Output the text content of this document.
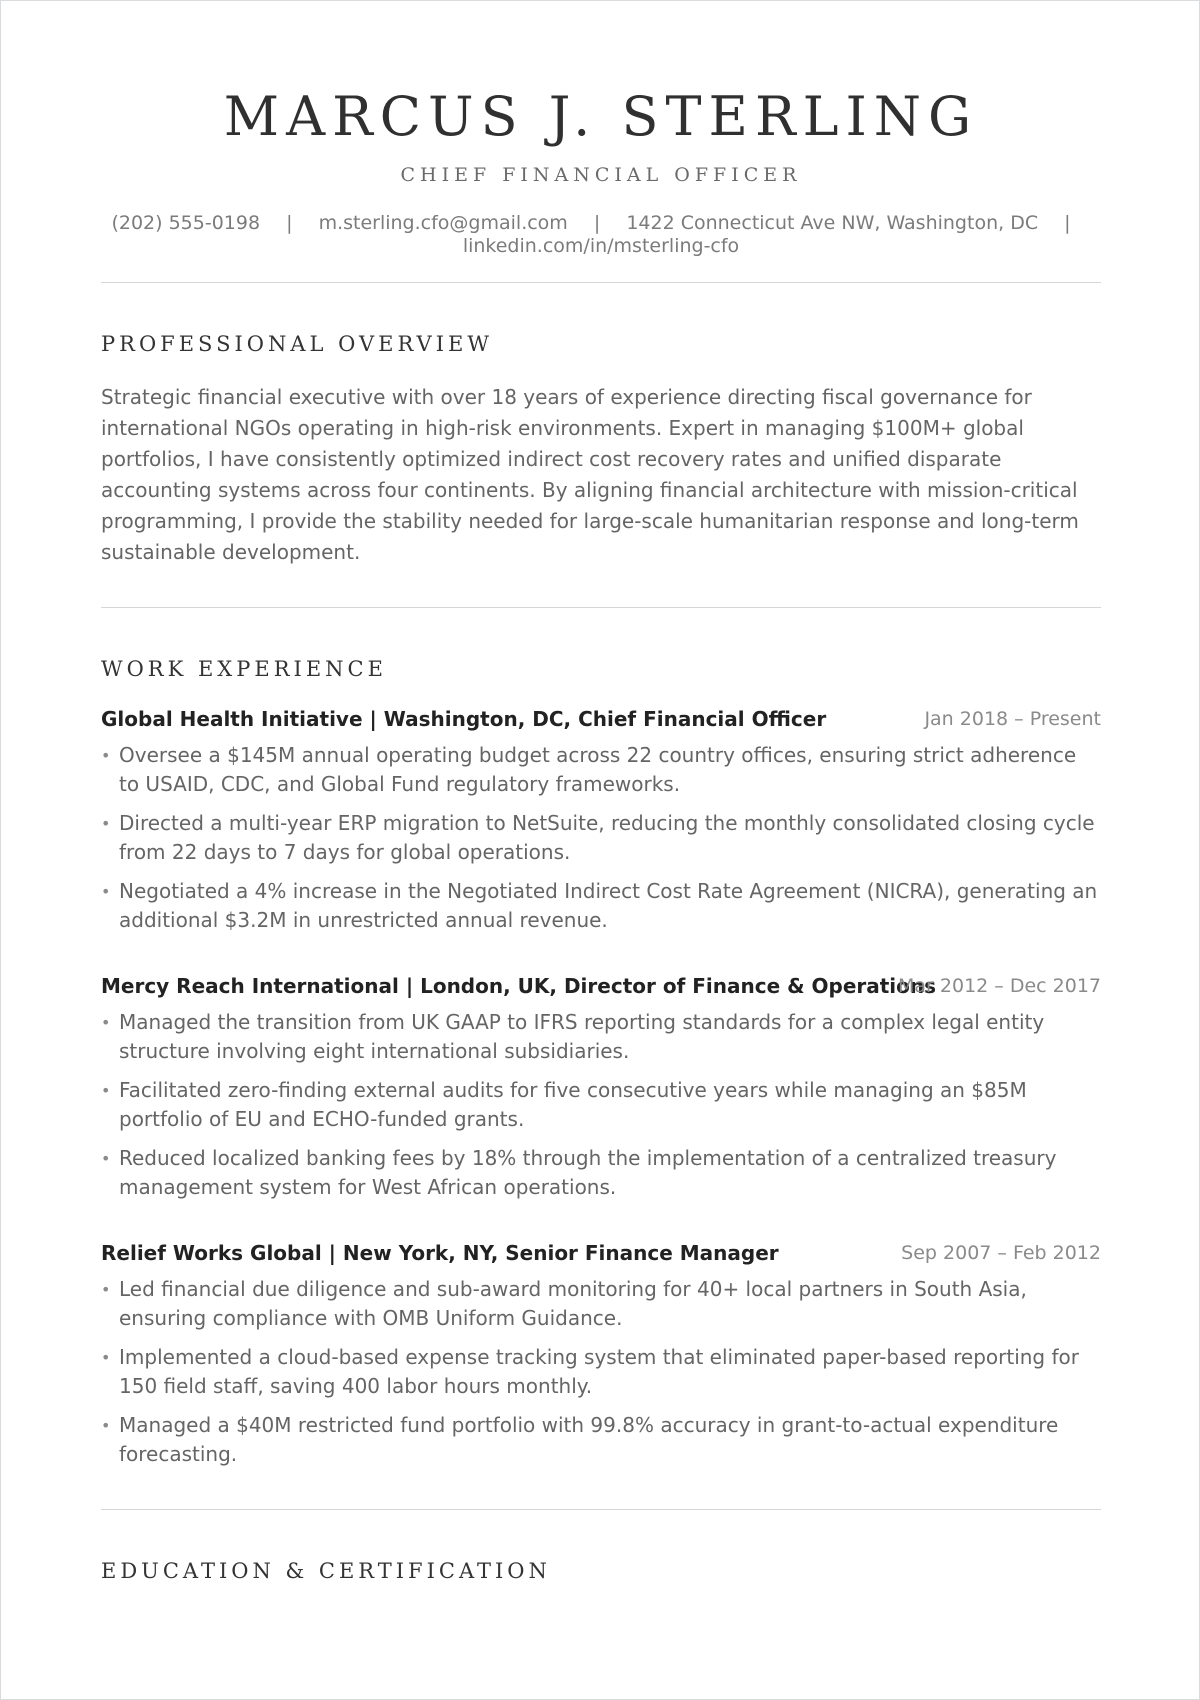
MARCUS J. STERLING
CHIEF FINANCIAL OFFICER
(202) 555-0198 | m.sterling.cfo@gmail.com | 1422 Connecticut Ave NW, Washington, DC |
linkedin.com/in/msterling-cfo
PROFESSIONAL OVERVIEW
Strategic financial executive with over 18 years of experience directing fiscal governance for international NGOs operating in high-risk environments. Expert in managing $100M+ global portfolios, I have consistently optimized indirect cost recovery rates and unified disparate accounting systems across four continents. By aligning financial architecture with mission-critical programming, I provide the stability needed for large-scale humanitarian response and long-term sustainable development.
WORK EXPERIENCE
Global Health Initiative | Washington, DC, Chief Financial Officer	Jan 2018 – Present
• Oversee a $145M annual operating budget across 22 country offices, ensuring strict adherence to USAID, CDC, and Global Fund regulatory frameworks.
• Directed a multi-year ERP migration to NetSuite, reducing the monthly consolidated closing cycle from 22 days to 7 days for global operations.
• Negotiated a 4% increase in the Negotiated Indirect Cost Rate Agreement (NICRA), generating an additional $3.2M in unrestricted annual revenue.
Mercy Reach International | London, UK, Director of Finance & Operations
Mar 2012 – Dec 2017
• Managed the transition from UK GAAP to IFRS reporting standards for a complex legal entity structure involving eight international subsidiaries.
• Facilitated zero-finding external audits for five consecutive years while managing an $85M portfolio of EU and ECHO-funded grants.
• Reduced localized banking fees by 18% through the implementation of a centralized treasury management system for West African operations.
Relief Works Global | New York, NY, Senior Finance Manager	Sep 2007 – Feb 2012
• Led financial due diligence and sub-award monitoring for 40+ local partners in South Asia, ensuring compliance with OMB Uniform Guidance.
• Implemented a cloud-based expense tracking system that eliminated paper-based reporting for 150 field staff, saving 400 labor hours monthly.
• Managed a $40M restricted fund portfolio with 99.8% accuracy in grant-to-actual expenditure forecasting.
EDUCATION & CERTIFICATION
